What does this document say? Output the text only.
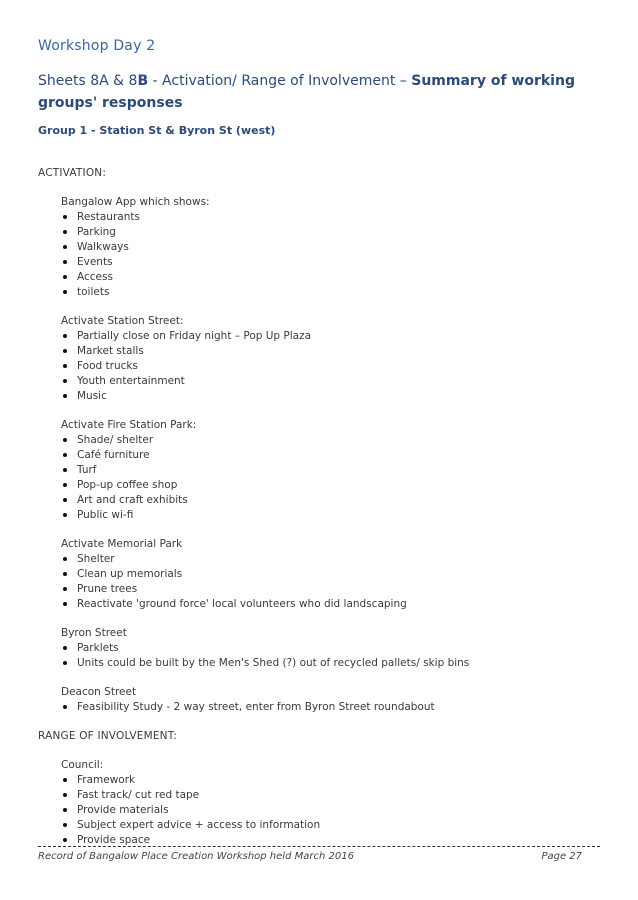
Workshop Day 2
Sheets 8A & 8B - Activation/ Range of Involvement – Summary of working groups' responses
Group 1 - Station St & Byron St (west)
ACTIVATION:
Bangalow App which shows:
Restaurants
Parking
Walkways
Events
Access
toilets
Activate Station Street:
Partially close on Friday night – Pop Up Plaza
Market stalls
Food trucks
Youth entertainment
Music
Activate Fire Station Park:
Shade/ shelter
Café furniture
Turf
Pop-up coffee shop
Art and craft exhibits
Public wi-fi
Activate Memorial Park
Shelter
Clean up memorials
Prune trees
Reactivate 'ground force' local volunteers who did landscaping
Byron Street
Parklets
Units could be built by the Men's Shed (?) out of recycled pallets/ skip bins
Deacon Street
Feasibility Study - 2 way street, enter from Byron Street roundabout
RANGE OF INVOLVEMENT:
Council:
Framework
Fast track/ cut red tape
Provide materials
Subject expert advice + access to information
Provide space
Record of Bangalow Place Creation Workshop held March 2016	Page 27
